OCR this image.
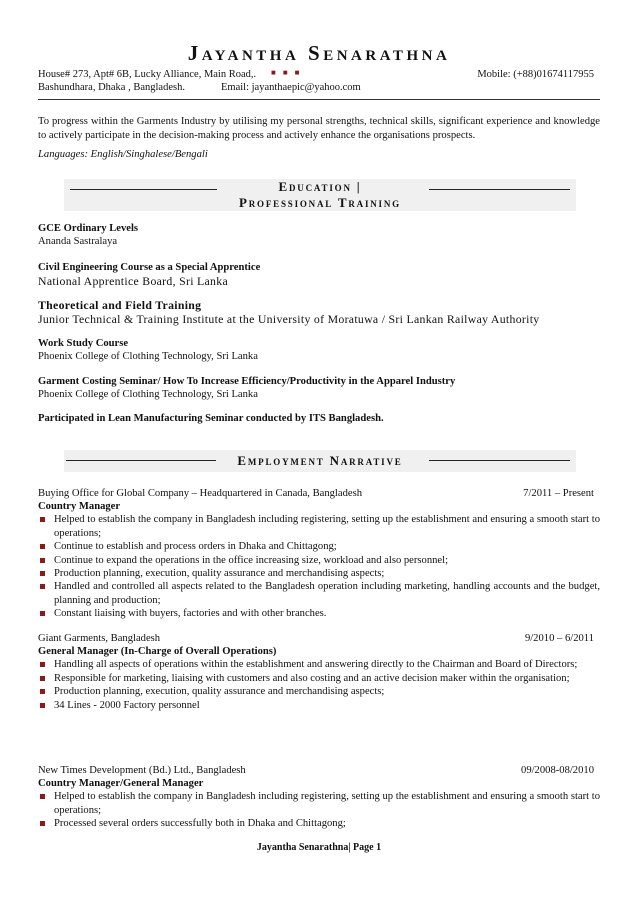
Jayantha Senarathna
House# 273, Apt# 6B, Lucky Alliance, Main Road,. ■■■	Mobile: (+88)01674117955
Bashundhara, Dhaka , Bangladesh.	Email: jayanthaepic@yahoo.com
To progress within the Garments Industry by utilising my personal strengths, technical skills, significant experience and knowledge to actively participate in the decision-making process and actively enhance the organisations prospects.
Languages: English/Singhalese/Bengali
Education |
Professional Training
GCE Ordinary Levels
Ananda Sastralaya
Civil Engineering Course as a Special Apprentice
National Apprentice Board, Sri Lanka
Theoretical and Field Training
Junior Technical & Training Institute at the University of Moratuwa / Sri Lankan Railway Authority
Work Study Course
Phoenix College of Clothing Technology, Sri Lanka
Garment Costing Seminar/ How To Increase Efficiency/Productivity in the Apparel Industry
Phoenix College of Clothing Technology, Sri Lanka
Participated in Lean Manufacturing Seminar conducted by ITS Bangladesh.
Employment Narrative
Buying Office for Global Company – Headquartered in Canada, Bangladesh	7/2011 – Present
Country Manager
Helped to establish the company in Bangladesh including registering, setting up the establishment and ensuring a smooth start to operations;
Continue to establish and process orders in Dhaka and Chittagong;
Continue to expand the operations in the office increasing size, workload and also personnel;
Production planning, execution, quality assurance and merchandising aspects;
Handled and controlled all aspects related to the Bangladesh operation including marketing, handling accounts and the budget, planning and production;
Constant liaising with buyers, factories and with other branches.
Giant Garments, Bangladesh	9/2010 – 6/2011
General Manager (In-Charge of Overall Operations)
Handling all aspects of operations within the establishment and answering directly to the Chairman and Board of Directors;
Responsible for marketing, liaising with customers and also costing and an active decision maker within the organisation;
Production planning, execution, quality assurance and merchandising aspects;
34 Lines - 2000 Factory personnel
New Times Development (Bd.) Ltd., Bangladesh	09/2008-08/2010
Country Manager/General Manager
Helped to establish the company in Bangladesh including registering, setting up the establishment and ensuring a smooth start to operations;
Processed several orders successfully both in Dhaka and Chittagong;
Jayantha Senarathna| Page 1
